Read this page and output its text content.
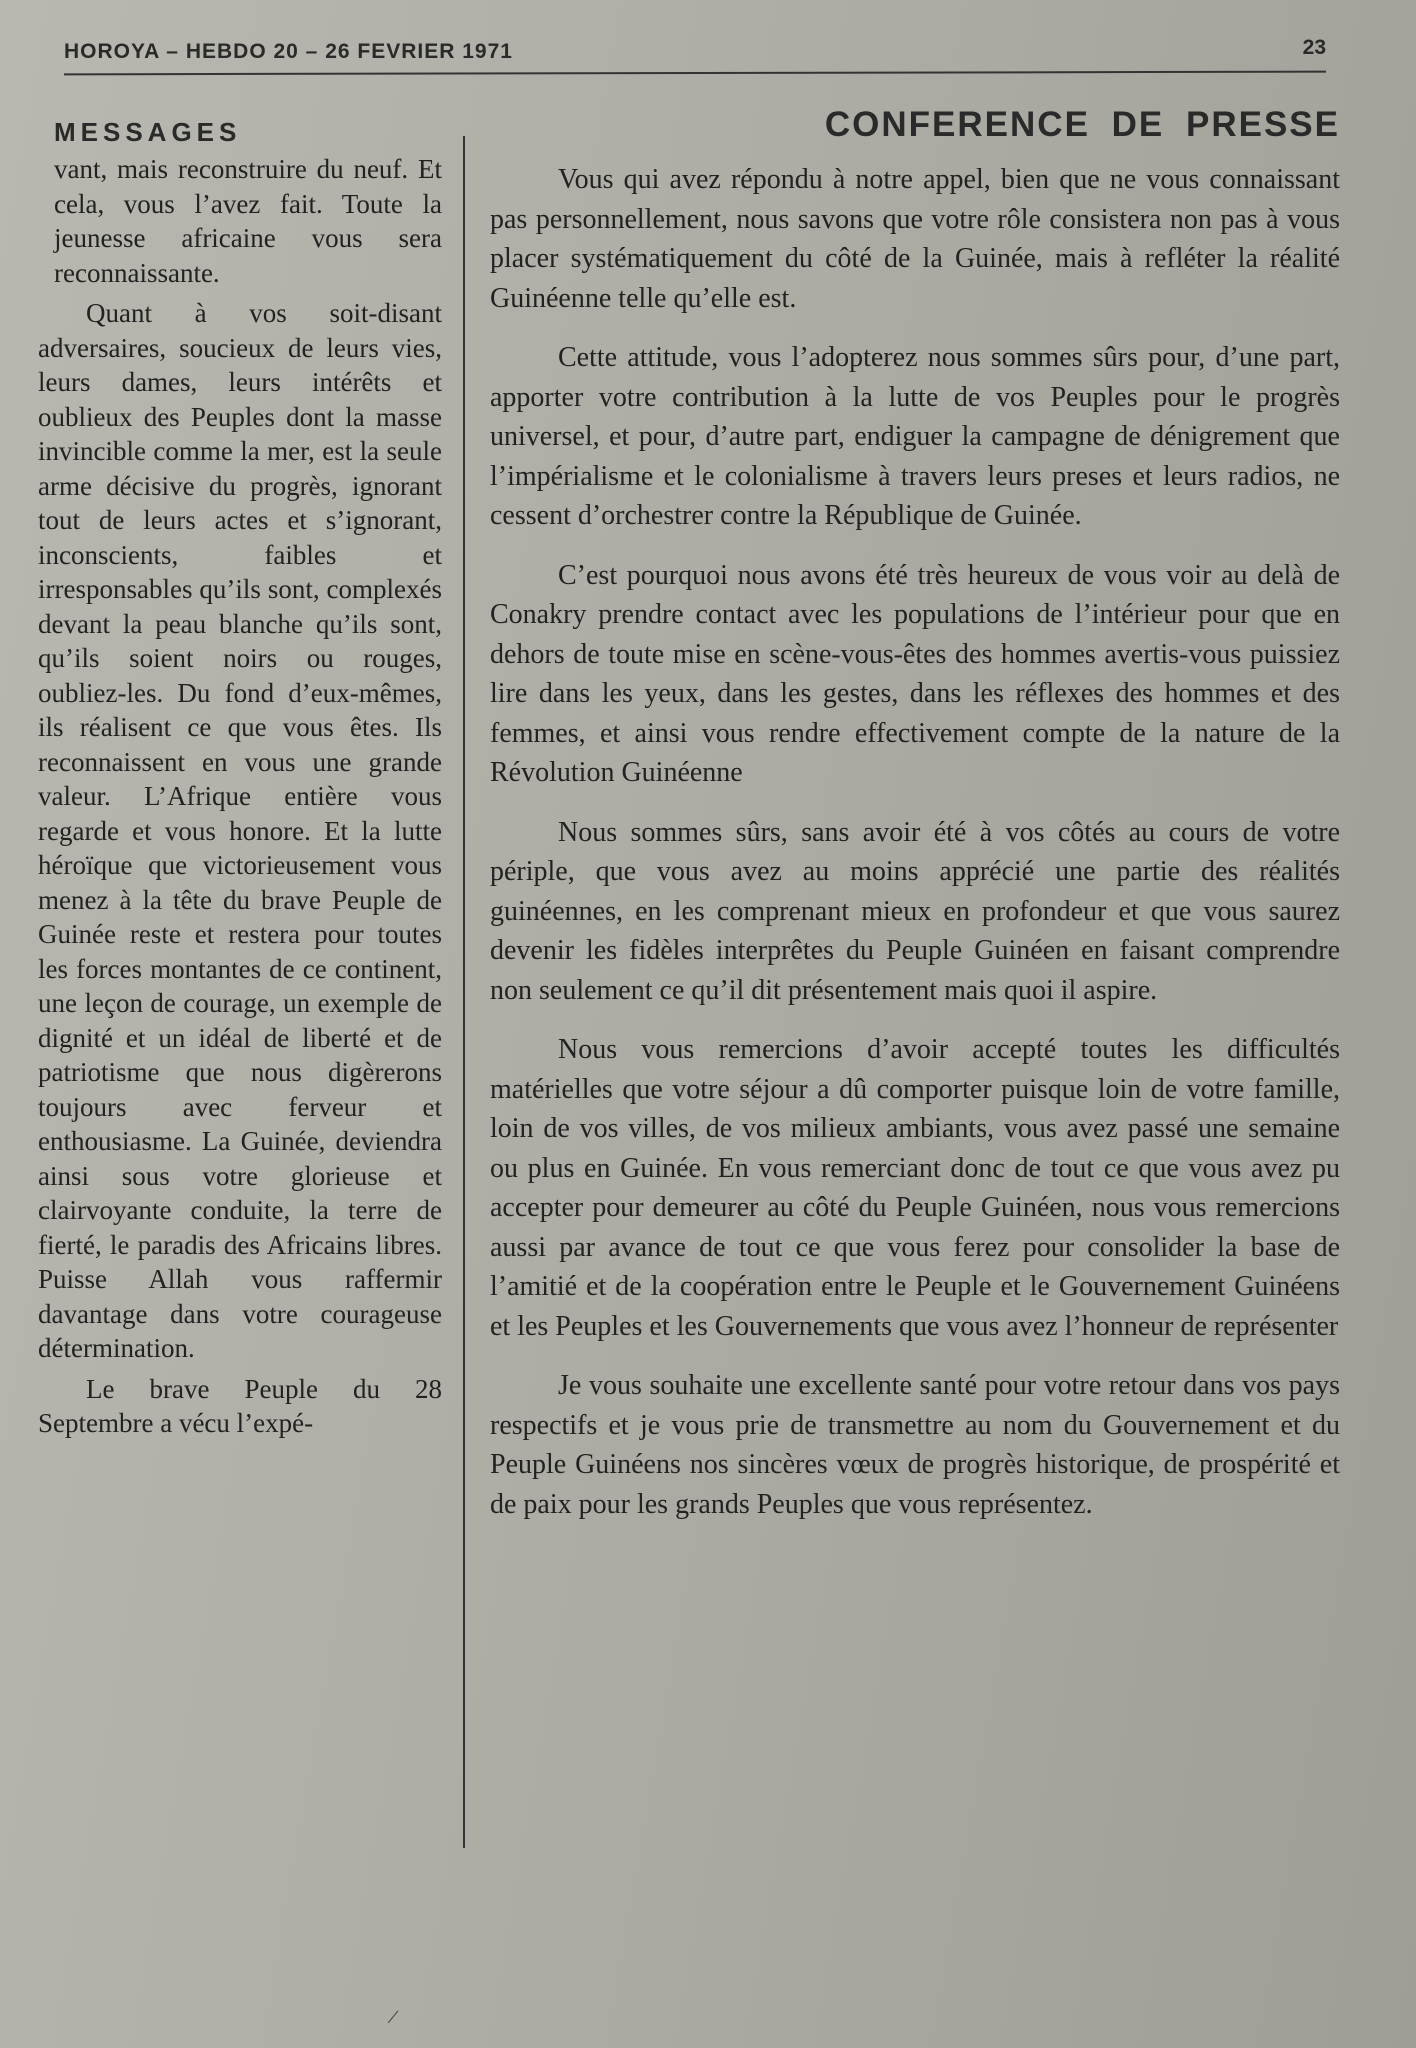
HOROYA – HEBDO 20 – 26 FEVRIER 1971	23
MESSAGES

vant, mais reconstruire du neuf. Et cela, vous l’avez fait. Toute la jeunesse africaine vous sera reconnaissante.

Quant à vos soit-disant adversaires, soucieux de leurs vies, leurs dames, leurs intérêts et oublieux des Peuples dont la masse invincible comme la mer, est la seule arme décisive du progrès, ignorant tout de leurs actes et s’ignorant, inconscients, faibles et irresponsables qu’ils sont, complexés devant la peau blanche qu’ils sont, qu’ils soient noirs ou rouges, oubliez-les. Du fond d’eux-mêmes, ils réalisent ce que vous êtes. Ils reconnaissent en vous une grande valeur. L’Afrique entière vous regarde et vous honore. Et la lutte héroïque que victorieusement vous menez à la tête du brave Peuple de Guinée reste et restera pour toutes les forces montantes de ce continent, une leçon de courage, un exemple de dignité et un idéal de liberté et de patriotisme que nous digèrerons toujours avec ferveur et enthousiasme. La Guinée, deviendra ainsi sous votre glorieuse et clairvoyante conduite, la terre de fierté, le paradis des Africains libres. Puisse Allah vous raffermir davantage dans votre courageuse détermination.

Le brave Peuple du 28 Septembre a vécu l’expé-

CONFERENCE DE PRESSE

Vous qui avez répondu à notre appel, bien que ne vous connaissant pas personnellement, nous savons que votre rôle consistera non pas à vous placer systématiquement du côté de la Guinée, mais à refléter la réalité Guinéenne telle qu’elle est.

Cette attitude, vous l’adopterez nous sommes sûrs pour, d’une part, apporter votre contribution à la lutte de vos Peuples pour le progrès universel, et pour, d’autre part, endiguer la campagne de dénigrement que l’impérialisme et le colonialisme à travers leurs preses et leurs radios, ne cessent d’orchestrer contre la République de Guinée.

C’est pourquoi nous avons été très heureux de vous voir au delà de Conakry prendre contact avec les populations de l’intérieur pour que en dehors de toute mise en scène-vous-êtes des hommes avertis-vous puissiez lire dans les yeux, dans les gestes, dans les réflexes des hommes et des femmes, et ainsi vous rendre effectivement compte de la nature de la Révolution Guinéenne

Nous sommes sûrs, sans avoir été à vos côtés au cours de votre périple, que vous avez au moins apprécié une partie des réalités guinéennes, en les comprenant mieux en profondeur et que vous saurez devenir les fidèles interprêtes du Peuple Guinéen en faisant comprendre non seulement ce qu’il dit présentement mais quoi il aspire.

Nous vous remercions d’avoir accepté toutes les difficultés matérielles que votre séjour a dû comporter puisque loin de votre famille, loin de vos villes, de vos milieux ambiants, vous avez passé une semaine ou plus en Guinée. En vous remerciant donc de tout ce que vous avez pu accepter pour demeurer au côté du Peuple Guinéen, nous vous remercions aussi par avance de tout ce que vous ferez pour consolider la base de l’amitié et de la coopération entre le Peuple et le Gouvernement Guinéens et les Peuples et les Gouvernements que vous avez l’honneur de représenter

Je vous souhaite une excellente santé pour votre retour dans vos pays respectifs et je vous prie de transmettre au nom du Gouvernement et du Peuple Guinéens nos sincères vœux de progrès historique, de prospérité et de paix pour les grands Peuples que vous représentez.

/
